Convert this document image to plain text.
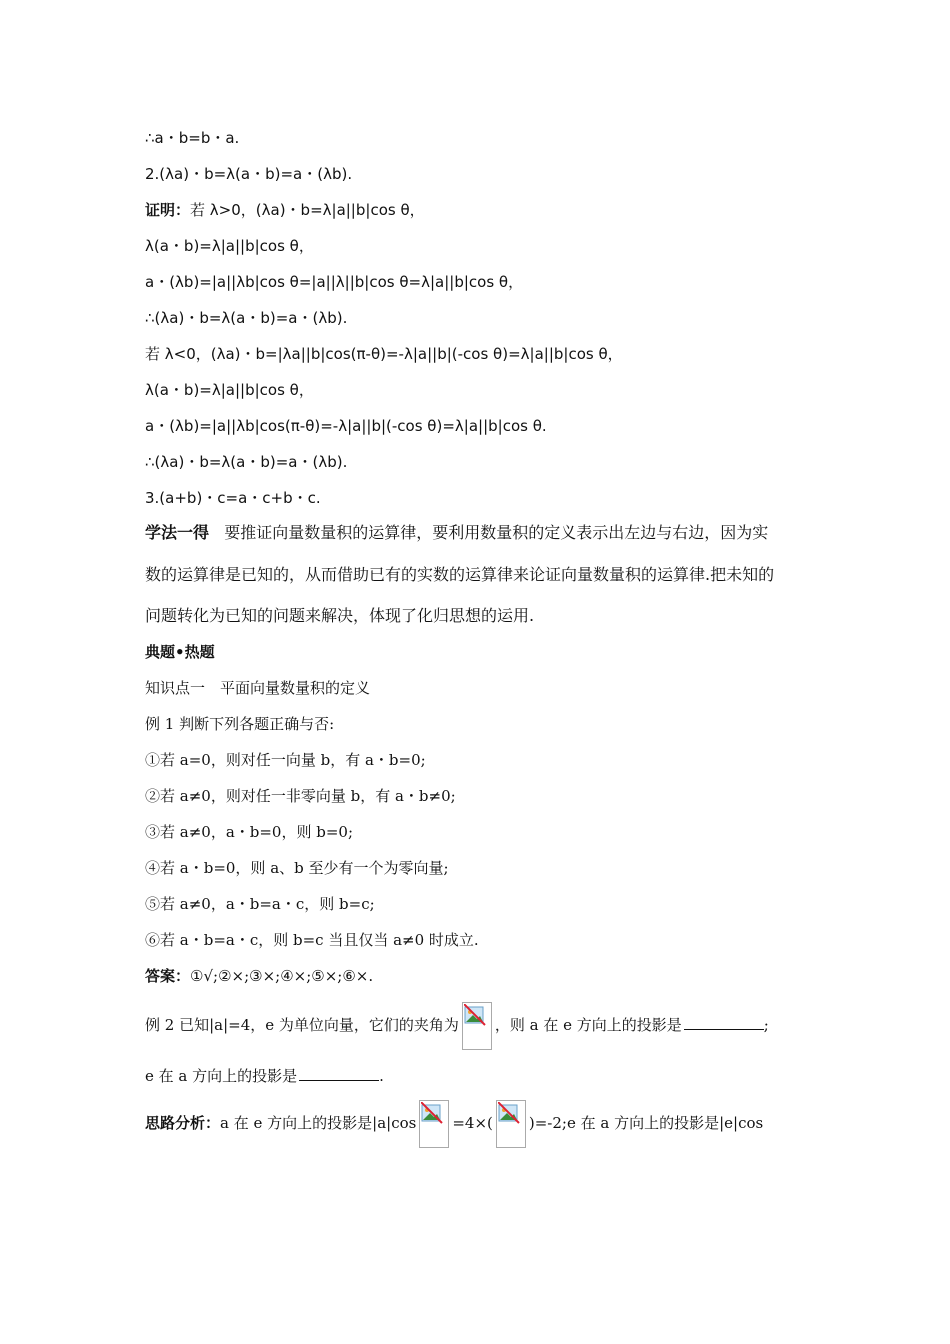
∴a・b=b・a.
2.(λa)・b=λ(a・b)=a・(λb).
证明：若 λ>0，(λa)・b=λ|a||b|cos θ，
λ(a・b)=λ|a||b|cos θ，
a・(λb)=|a||λb|cos θ=|a||λ||b|cos θ=λ|a||b|cos θ，
∴(λa)・b=λ(a・b)=a・(λb).
若 λ<0，(λa)・b=|λa||b|cos(π-θ)=-λ|a||b|(-cos θ)=λ|a||b|cos θ，
λ(a・b)=λ|a||b|cos θ，
a・(λb)=|a||λb|cos(π-θ)=-λ|a||b|(-cos θ)=λ|a||b|cos θ.
∴(λa)・b=λ(a・b)=a・(λb).
3.(a+b)・c=a・c+b・c.
学法一得 要推证向量数量积的运算律，要利用数量积的定义表示出左边与右边，因为实
数的运算律是已知的，从而借助已有的实数的运算律来论证向量数量积的运算律.把未知的
问题转化为已知的问题来解决，体现了化归思想的运用.
典题•热题
知识点一　平面向量数量积的定义
例 1 判断下列各题正确与否:
①若 a=0，则对任一向量 b，有 a・b=0;
②若 a≠0，则对任一非零向量 b，有 a・b≠0;
③若 a≠0，a・b=0，则 b=0;
④若 a・b=0，则 a、b 至少有一个为零向量;
⑤若 a≠0，a・b=a・c，则 b=c;
⑥若 a・b=a・c，则 b=c 当且仅当 a≠0 时成立.
答案：①√;②×;③×;④×;⑤×;⑥×.
例 2 已知|a|=4，e 为单位向量，它们的夹角为 ，则 a 在 e 方向上的投影是	;
e 在 a 方向上的投影是	.
思路分析：a 在 e 方向上的投影是|a|cos =4×( )=-2;e 在 a 方向上的投影是|e|cos
